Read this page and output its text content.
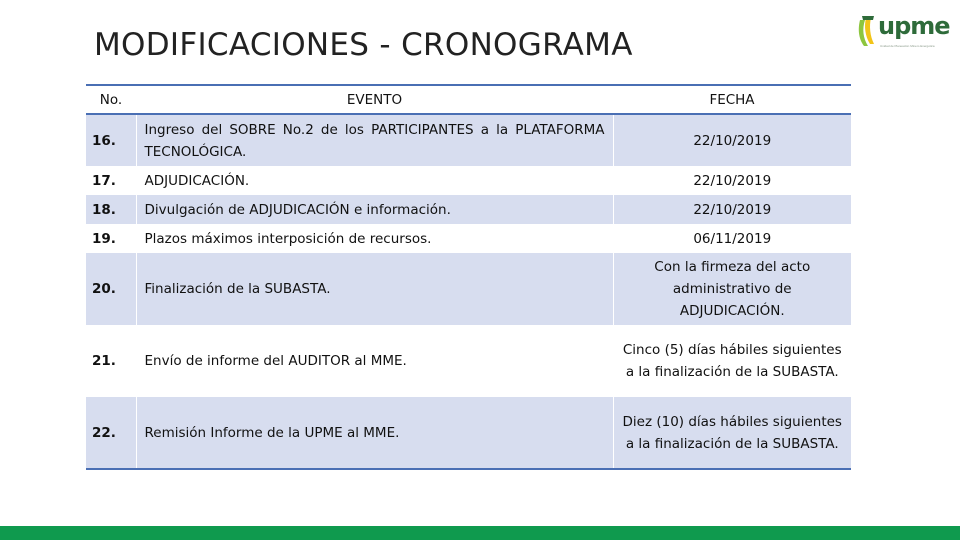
MODIFICACIONES - CRONOGRAMA
upme
Unidad de Planeación Minero Energética
No.	EVENTO	FECHA
16.	Ingreso del SOBRE No.2 de los PARTICIPANTES a la PLATAFORMA TECNOLÓGICA.	22/10/2019
17.	ADJUDICACIÓN.	22/10/2019
18.	Divulgación de ADJUDICACIÓN e información.	22/10/2019
19.	Plazos máximos interposición de recursos.	06/11/2019
20.	Finalización de la SUBASTA.	Con la firmeza del acto administrativo de ADJUDICACIÓN.
21.	Envío de informe del AUDITOR al MME.	Cinco (5) días hábiles siguientes a la finalización de la SUBASTA.
22.	Remisión Informe de la UPME al MME.	Diez (10) días hábiles siguientes a la finalización de la SUBASTA.
